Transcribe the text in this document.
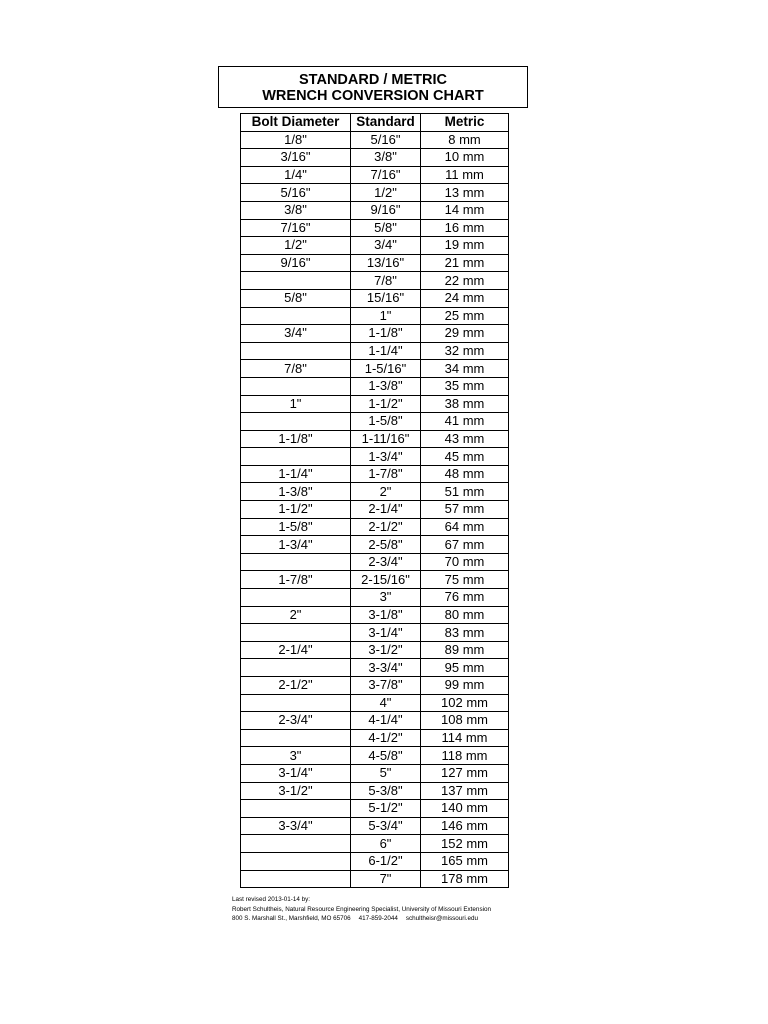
STANDARD / METRIC
WRENCH CONVERSION CHART
Bolt Diameter	Standard	Metric
1/8"	5/16"	8 mm
3/16"	3/8"	10 mm
1/4"	7/16"	11 mm
5/16"	1/2"	13 mm
3/8"	9/16"	14 mm
7/16"	5/8"	16 mm
1/2"	3/4"	19 mm
9/16"	13/16"	21 mm
	7/8"	22 mm
5/8"	15/16"	24 mm
	1"	25 mm
3/4"	1-1/8"	29 mm
	1-1/4"	32 mm
7/8"	1-5/16"	34 mm
	1-3/8"	35 mm
1"	1-1/2"	38 mm
	1-5/8"	41 mm
1-1/8"	1-11/16"	43 mm
	1-3/4"	45 mm
1-1/4"	1-7/8"	48 mm
1-3/8"	2"	51 mm
1-1/2"	2-1/4"	57 mm
1-5/8"	2-1/2"	64 mm
1-3/4"	2-5/8"	67 mm
	2-3/4"	70 mm
1-7/8"	2-15/16"	75 mm
	3"	76 mm
2"	3-1/8"	80 mm
	3-1/4"	83 mm
2-1/4"	3-1/2"	89 mm
	3-3/4"	95 mm
2-1/2"	3-7/8"	99 mm
	4"	102 mm
2-3/4"	4-1/4"	108 mm
	4-1/2"	114 mm
3"	4-5/8"	118 mm
3-1/4"	5"	127 mm
3-1/2"	5-3/8"	137 mm
	5-1/2"	140 mm
3-3/4"	5-3/4"	146 mm
	6"	152 mm
	6-1/2"	165 mm
	7"	178 mm
Last revised 2013-01-14 by:
Robert Schultheis, Natural Resource Engineering Specialist, University of Missouri Extension
800 S. Marshall St., Marshfield, MO 65706 417-859-2044 schultheisr@missouri.edu
